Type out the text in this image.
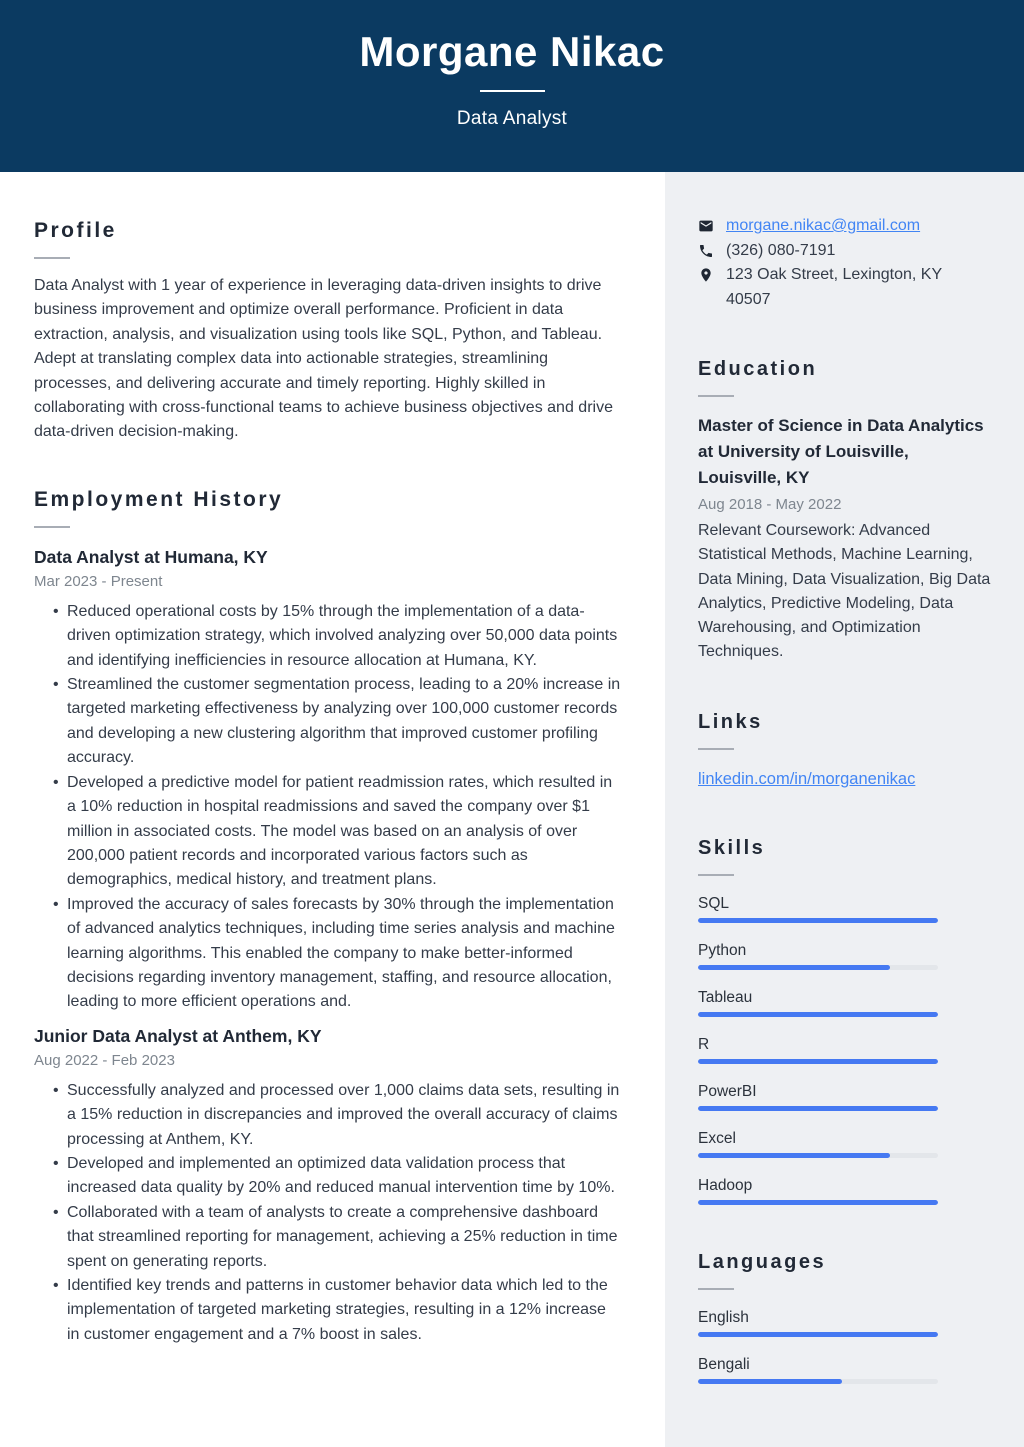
Morgane Nikac
Data Analyst
Profile

Data Analyst with 1 year of experience in leveraging data-driven insights to drive business improvement and optimize overall performance. Proficient in data extraction, analysis, and visualization using tools like SQL, Python, and Tableau. Adept at translating complex data into actionable strategies, streamlining processes, and delivering accurate and timely reporting. Highly skilled in collaborating with cross-functional teams to achieve business objectives and drive data-driven decision-making.

Employment History
Data Analyst at Humana, KY
Mar 2023 - Present
• Reduced operational costs by 15% through the implementation of a data-driven optimization strategy, which involved analyzing over 50,000 data points and identifying inefficiencies in resource allocation at Humana, KY.
• Streamlined the customer segmentation process, leading to a 20% increase in targeted marketing effectiveness by analyzing over 100,000 customer records and developing a new clustering algorithm that improved customer profiling accuracy.
• Developed a predictive model for patient readmission rates, which resulted in a 10% reduction in hospital readmissions and saved the company over $1 million in associated costs. The model was based on an analysis of over 200,000 patient records and incorporated various factors such as demographics, medical history, and treatment plans.
• Improved the accuracy of sales forecasts by 30% through the implementation of advanced analytics techniques, including time series analysis and machine learning algorithms. This enabled the company to make better-informed decisions regarding inventory management, staffing, and resource allocation, leading to more efficient operations and.
Junior Data Analyst at Anthem, KY
Aug 2022 - Feb 2023
• Successfully analyzed and processed over 1,000 claims data sets, resulting in a 15% reduction in discrepancies and improved the overall accuracy of claims processing at Anthem, KY.
• Developed and implemented an optimized data validation process that increased data quality by 20% and reduced manual intervention time by 10%.
• Collaborated with a team of analysts to create a comprehensive dashboard that streamlined reporting for management, achieving a 25% reduction in time spent on generating reports.
• Identified key trends and patterns in customer behavior data which led to the implementation of targeted marketing strategies, resulting in a 12% increase in customer engagement and a 7% boost in sales.
morgane.nikac@gmail.com
(326) 080-7191
123 Oak Street, Lexington, KY 40507
Education
Master of Science in Data Analytics at University of Louisville, Louisville, KY
Aug 2018 - May 2022
Relevant Coursework: Advanced Statistical Methods, Machine Learning, Data Mining, Data Visualization, Big Data Analytics, Predictive Modeling, Data Warehousing, and Optimization Techniques.
Links
linkedin.com/in/morganenikac
Skills
SQL
Python
Tableau
R
PowerBI
Excel
Hadoop
Languages
English
Bengali
